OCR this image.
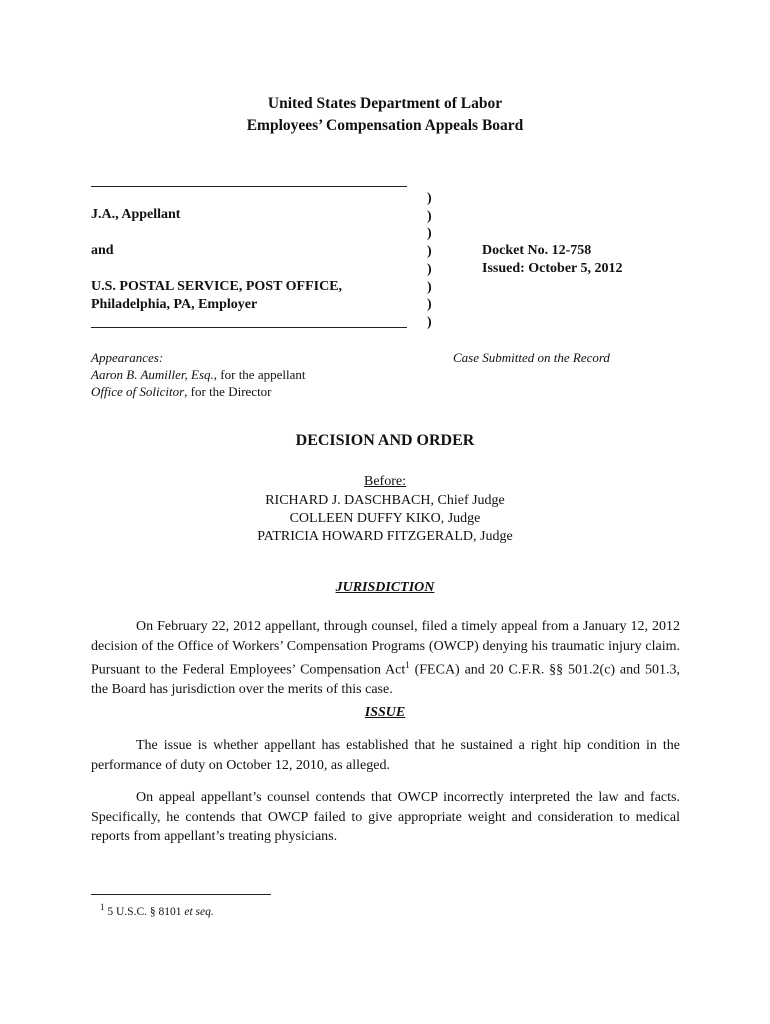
United States Department of Labor
Employees’ Compensation Appeals Board
J.A., Appellant
and
U.S. POSTAL SERVICE, POST OFFICE,
Philadelphia, PA, Employer
)
)
)
)
)
)
)
)
Docket No. 12-758
Issued: October 5, 2012
Appearances:
Aaron B. Aumiller, Esq., for the appellant
Office of Solicitor, for the Director
Case Submitted on the Record
DECISION AND ORDER
Before:
RICHARD J. DASCHBACH, Chief Judge
COLLEEN DUFFY KIKO, Judge
PATRICIA HOWARD FITZGERALD, Judge
JURISDICTION
On February 22, 2012 appellant, through counsel, filed a timely appeal from a January 12, 2012 decision of the Office of Workers’ Compensation Programs (OWCP) denying his traumatic injury claim. Pursuant to the Federal Employees’ Compensation Act$^1$ (FECA) and 20 C.F.R. §§ 501.2(c) and 501.3, the Board has jurisdiction over the merits of this case.
ISSUE
The issue is whether appellant has established that he sustained a right hip condition in the performance of duty on October 12, 2010, as alleged.
On appeal appellant’s counsel contends that OWCP incorrectly interpreted the law and facts. Specifically, he contends that OWCP failed to give appropriate weight and consideration to medical reports from appellant’s treating physicians.
$^1$ 5 U.S.C. § 8101 et seq.
